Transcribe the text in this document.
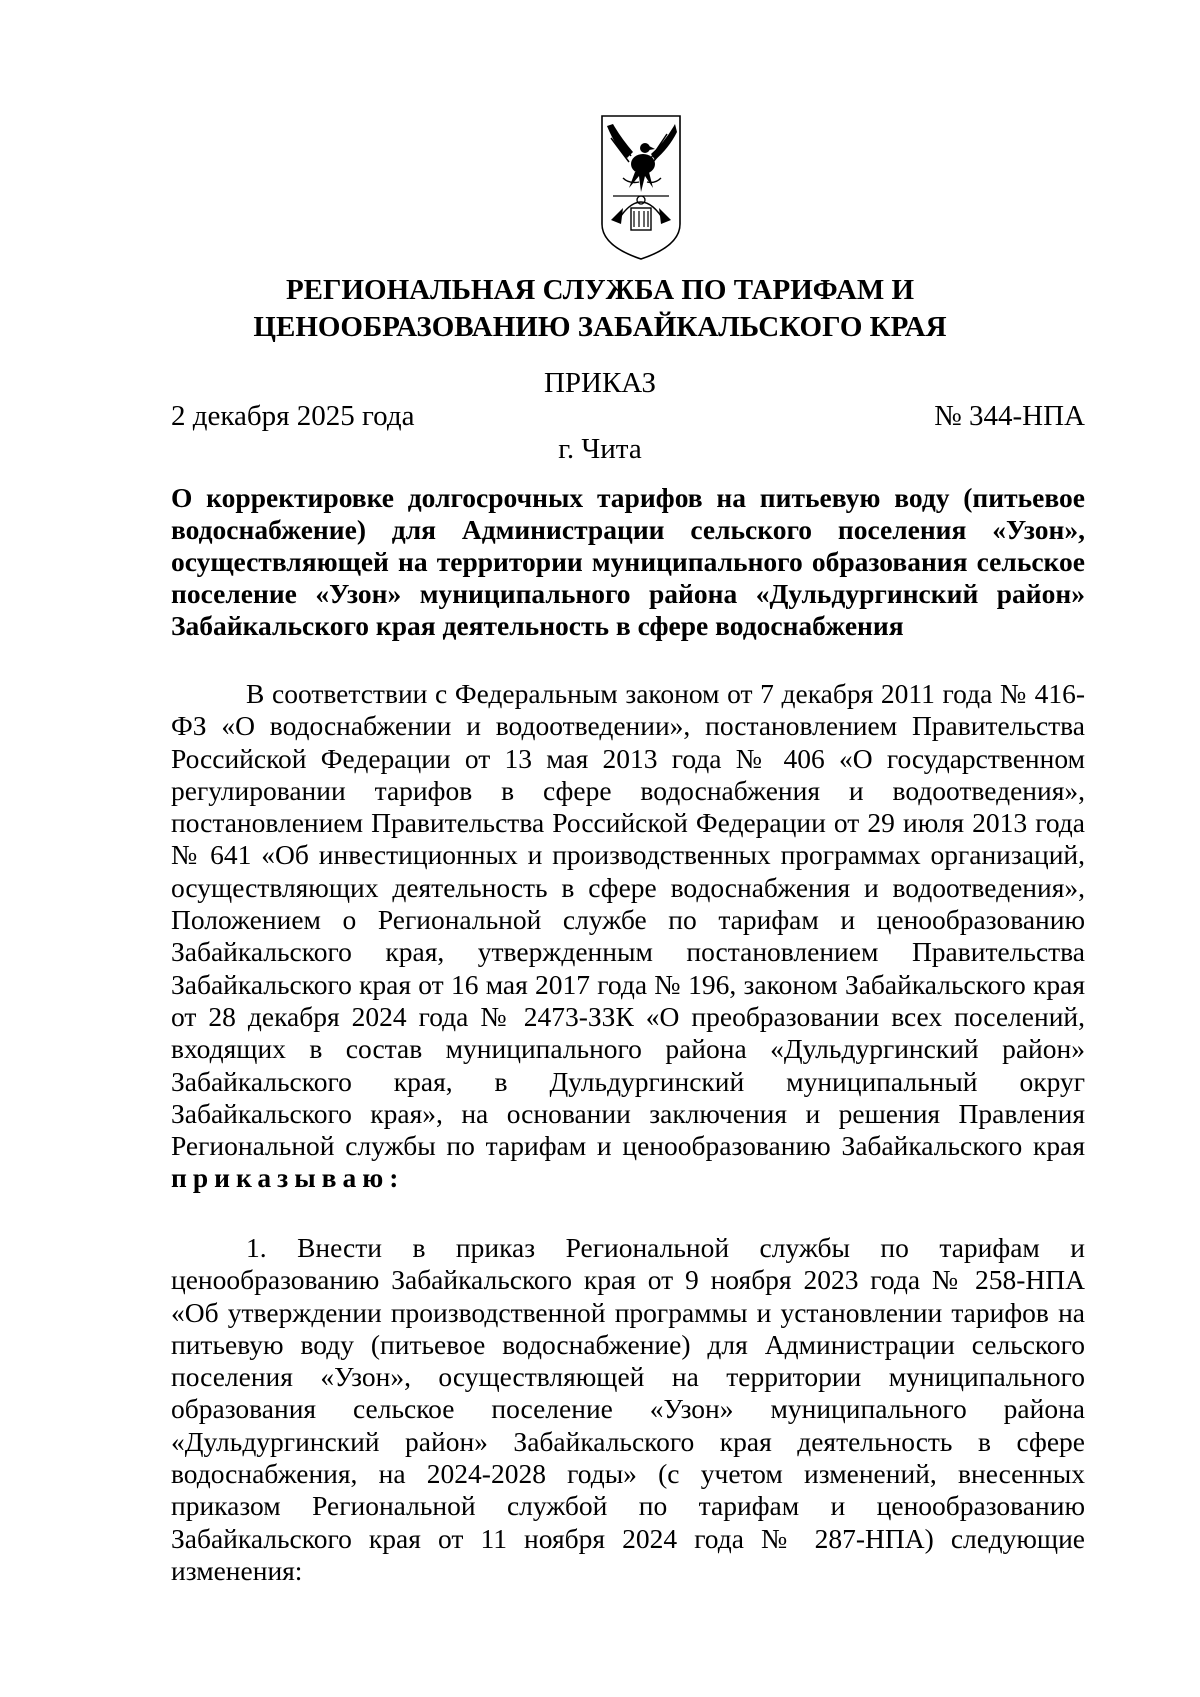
РЕГИОНАЛЬНАЯ СЛУЖБА ПО ТАРИФАМ И
ЦЕНООБРАЗОВАНИЮ ЗАБАЙКАЛЬСКОГО КРАЯ
ПРИКАЗ
2 декабря 2025 года	№ 344-НПА
г. Чита
О корректировке долгосрочных тарифов на питьевую воду (питьевое водоснабжение) для Администрации сельского поселения «Узон», осуществляющей на территории муниципального образования сельское поселение «Узон» муниципального района «Дульдургинский район» Забайкальского края деятельность в сфере водоснабжения
В соответствии с Федеральным законом от 7 декабря 2011 года № 416-ФЗ «О водоснабжении и водоотведении», постановлением Правительства Российской Федерации от 13 мая 2013 года № 406 «О государственном регулировании тарифов в сфере водоснабжения и водоотведения», постановлением Правительства Российской Федерации от 29 июля 2013 года № 641 «Об инвестиционных и производственных программах организаций, осуществляющих деятельность в сфере водоснабжения и водоотведения», Положением о Региональной службе по тарифам и ценообразованию Забайкальского края, утвержденным постановлением Правительства Забайкальского края от 16 мая 2017 года № 196, законом Забайкальского края от 28 декабря 2024 года № 2473-ЗЗК «О преобразовании всех поселений, входящих в состав муниципального района «Дульдургинский район» Забайкальского края, в Дульдургинский муниципальный округ Забайкальского края», на основании заключения и решения Правления Региональной службы по тарифам и ценообразованию Забайкальского края приказываю:
1. Внести в приказ Региональной службы по тарифам и ценообразованию Забайкальского края от 9 ноября 2023 года № 258-НПА «Об утверждении производственной программы и установлении тарифов на питьевую воду (питьевое водоснабжение) для Администрации сельского поселения «Узон», осуществляющей на территории муниципального образования сельское поселение «Узон» муниципального района «Дульдургинский район» Забайкальского края деятельность в сфере водоснабжения, на 2024-2028 годы» (с учетом изменений, внесенных приказом Региональной службой по тарифам и ценообразованию Забайкальского края от 11 ноября 2024 года № 287-НПА) следующие изменения:
